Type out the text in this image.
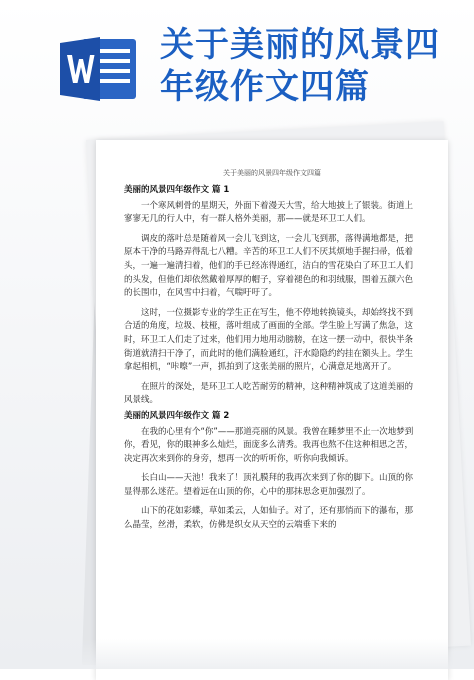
关于美丽的风景四
年级作文四篇
关于美丽的风景四年级作文四篇

美丽的风景四年级作文 篇 1

一个寒风刺骨的星期天，外面下着漫天大雪，给大地披上了银装。街道上寥寥无几的行人中，有一群人格外美丽，那——就是环卫工人们。

调皮的落叶总是随着风一会儿飞到这，一会儿飞到那，落得满地都是，把原本干净的马路弄得乱七八糟。辛苦的环卫工人们不厌其烦地手握扫帚，低着头，一遍一遍清扫着，他们的手已经冻得通红，洁白的雪花染白了环卫工人们的头发，但他们却依然戴着厚厚的帽子，穿着褪色的和羽绒服，围着五颜六色的长围巾，在风雪中扫着，气喘吁吁了。

这时，一位摄影专业的学生正在写生，他不停地转换镜头，却始终找不到合适的角度，垃圾、枝桠，落叶组成了画面的全部。学生脸上写满了焦急，这时，环卫工人们走了过来，他们用力地用动膀膀，在这一摆一动中，很快半条街道就清扫干净了，而此时的他们满脸通红，汗水隐隐约约挂在额头上。学生拿起相机，“咔嚓”一声，抓拍到了这张美丽的照片，心满意足地离开了。

在照片的深处，是环卫工人吃苦耐劳的精神，这种精神筑成了这道美丽的风景线。

美丽的风景四年级作文 篇 2

在我的心里有个“你”——那道亮丽的风景。我曾在睡梦里不止一次地梦到你，看见，你的眼神多么灿烂，面庞多么清秀。我再也熬不住这种相思之苦，决定再次来到你的身旁，想再一次的听听你，听你向我倾诉。

长白山——天池！我来了！顶礼膜拜的我再次来到了你的脚下。山顶的你显得那么迷茫。望着远在山顶的你，心中的那抹思念更加强烈了。

山下的花如彩蝶，草如柔云，人如仙子。对了，还有那悄而下的瀑布，那么晶莹，丝滑，柔软，仿佛是织女从天空的云端垂下来的
